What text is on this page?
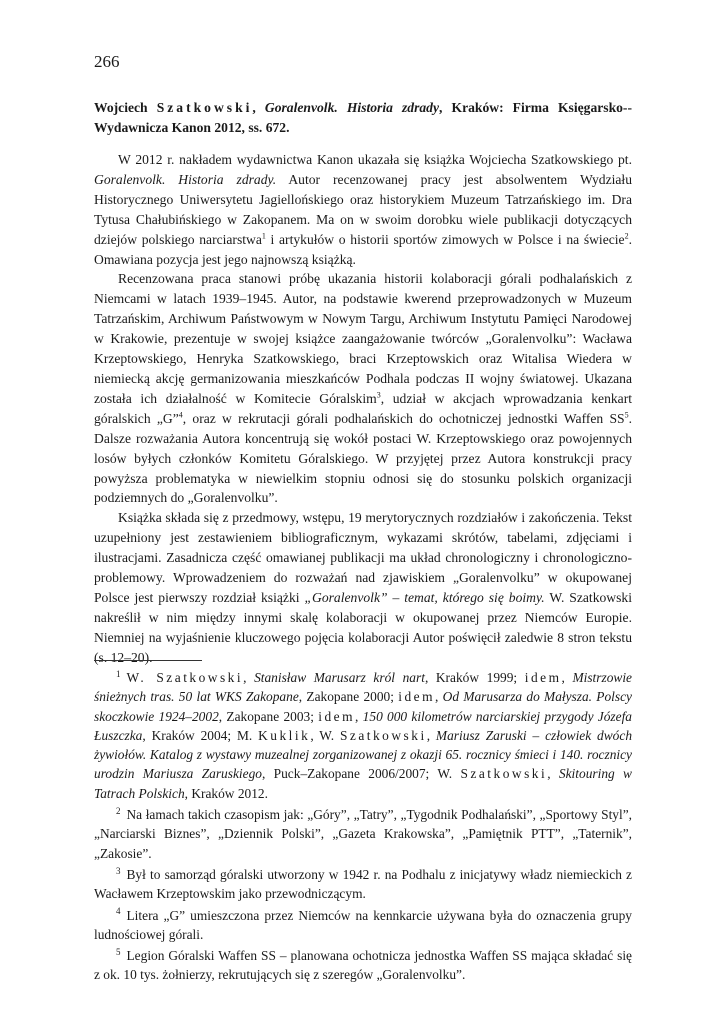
266
Wojciech Szatkowski, Goralenvolk. Historia zdrady, Kraków: Firma Księgarsko--Wydawnicza Kanon 2012, ss. 672.

W 2012 r. nakładem wydawnictwa Kanon ukazała się książka Wojciecha Szatkowskiego pt. Goralenvolk. Historia zdrady. Autor recenzowanej pracy jest absolwentem Wydziału Historycznego Uniwersytetu Jagiellońskiego oraz historykiem Muzeum Tatrzańskiego im. Dra Tytusa Chałubińskiego w Zakopanem. Ma on w swoim dorobku wiele publikacji dotyczących dziejów polskiego narciarstwa$^1$ i artykułów o historii sportów zimowych w Polsce i na świecie$^2$. Omawiana pozycja jest jego najnowszą książką.

Recenzowana praca stanowi próbę ukazania historii kolaboracji górali podhalańskich z Niemcami w latach 1939–1945. Autor, na podstawie kwerend przeprowadzonych w Muzeum Tatrzańskim, Archiwum Państwowym w Nowym Targu, Archiwum Instytutu Pamięci Narodowej w Krakowie, prezentuje w swojej książce zaangażowanie twórców „Goralenvolku”: Wacława Krzeptowskiego, Henryka Szatkowskiego, braci Krzeptowskich oraz Witalisa Wiedera w niemiecką akcję germanizowania mieszkańców Podhala podczas II wojny światowej. Ukazana została ich działalność w Komitecie Góralskim$^3$, udział w akcjach wprowadzania kenkart góralskich „G”$^4$, oraz w rekrutacji górali podhalańskich do ochotniczej jednostki Waffen $SS^5$. Dalsze rozważania Autora koncentrują się wokół postaci W. Krzeptowskiego oraz powojennych losów byłych członków Komitetu Góralskiego. W przyjętej przez Autora konstrukcji pracy powyższa problematyka w niewielkim stopniu odnosi się do stosunku polskich organizacji podziemnych do „Goralenvolku”.

Książka składa się z przedmowy, wstępu, 19 merytorycznych rozdziałów i zakończenia. Tekst uzupełniony jest zestawieniem bibliograficznym, wykazami skrótów, tabelami, zdjęciami i ilustracjami. Zasadnicza część omawianej publikacji ma układ chronologiczny i chronologiczno-problemowy. Wprowadzeniem do rozważań nad zjawiskiem „Goralenvolku” w okupowanej Polsce jest pierwszy rozdział książki „Goralenvolk” – temat, którego się boimy. W. Szatkowski nakreślił w nim między innymi skalę kolaboracji w okupowanej przez Niemców Europie. Niemniej na wyjaśnienie kluczowego pojęcia kolaboracji Autor poświęcił zaledwie 8 stron tekstu (s. 12–20).

$^1$ W. Szatkowski, Stanisław Marusarz król nart, Kraków 1999; idem, Mistrzowie śnieżnych tras. 50 lat WKS Zakopane, Zakopane 2000; idem, Od Marusarza do Małysza. Polscy skoczkowie 1924–2002, Zakopane 2003; idem, 150 000 kilometrów narciarskiej przygody Józefa Łuszczka, Kraków 2004; M. Kuklik, W. Szatkowski, Mariusz Zaruski – człowiek dwóch żywiołów. Katalog z wystawy muzealnej zorganizowanej z okazji 65. rocznicy śmieci i 140. rocznicy urodzin Mariusza Zaruskiego, Puck–Zakopane 2006/2007; W. Szatkowski, Skitouring w Tatrach Polskich, Kraków 2012.

$^2$ Na łamach takich czasopism jak: „Góry”, „Tatry”, „Tygodnik Podhalański”, „Sportowy Styl”, „Narciarski Biznes”, „Dziennik Polski”, „Gazeta Krakowska”, „Pamiętnik PTT”, „Taternik”, „Zakosie”.

$^3$ Był to samorząd góralski utworzony w 1942 r. na Podhalu z inicjatywy władz niemieckich z Wacławem Krzeptowskim jako przewodniczącym.

$^4$ Litera „G” umieszczona przez Niemców na kennkarcie używana była do oznaczenia grupy ludnościowej górali.

$^5$ Legion Góralski Waffen SS – planowana ochotnicza jednostka Waffen SS mająca składać się z ok. 10 tys. żołnierzy, rekrutujących się z szeregów „Goralenvolku”.
